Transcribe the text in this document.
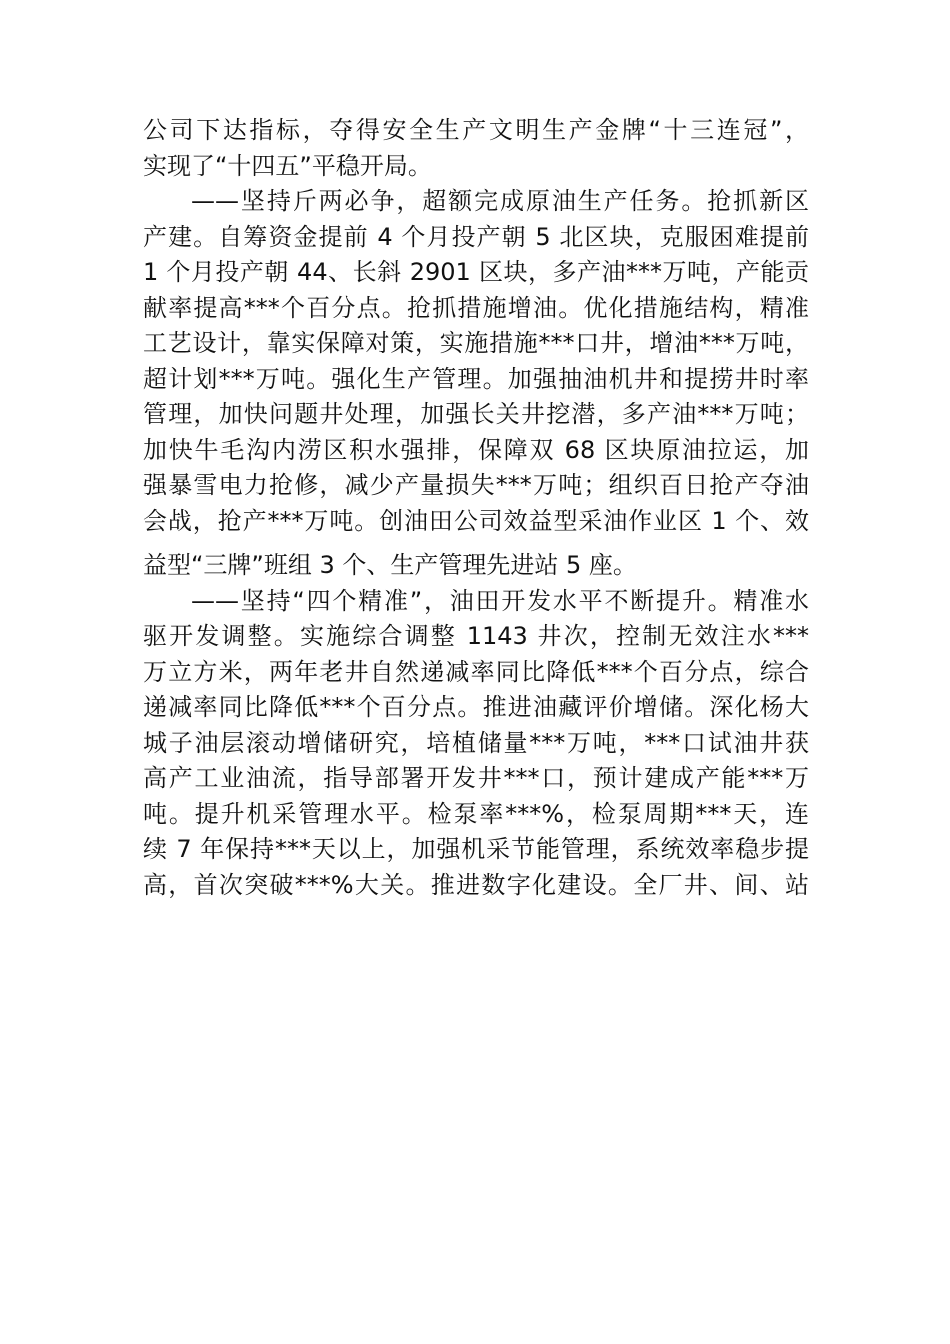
公司下达指标，夺得安全生产文明生产金牌“十三连冠”，
实现了“十四五”平稳开局。
——坚持斤两必争，超额完成原油生产任务。抢抓新区
产建。自筹资金提前 4 个月投产朝 5 北区块，克服困难提前
1 个月投产朝 44、长斜 2901 区块，多产油***万吨，产能贡
献率提高***个百分点。抢抓措施增油。优化措施结构，精准
工艺设计，靠实保障对策，实施措施***口井，增油***万吨，
超计划***万吨。强化生产管理。加强抽油机井和提捞井时率
管理，加快问题井处理，加强长关井挖潜，多产油***万吨；
加快牛毛沟内涝区积水强排，保障双 68 区块原油拉运，加
强暴雪电力抢修，减少产量损失***万吨；组织百日抢产夺油
会战，抢产***万吨。创油田公司效益型采油作业区 1 个、效
益型“三牌”班组 3 个、生产管理先进站 5 座。
——坚持“四个精准”，油田开发水平不断提升。精准水
驱开发调整。实施综合调整 1143 井次，控制无效注水***
万立方米，两年老井自然递减率同比降低***个百分点，综合
递减率同比降低***个百分点。推进油藏评价增储。深化杨大
城子油层滚动增储研究，培植储量***万吨，***口试油井获
高产工业油流，指导部署开发井***口，预计建成产能***万
吨。提升机采管理水平。检泵率***%，检泵周期***天，连
续 7 年保持***天以上，加强机采节能管理，系统效率稳步提
高，首次突破***%大关。推进数字化建设。全厂井、间、站
